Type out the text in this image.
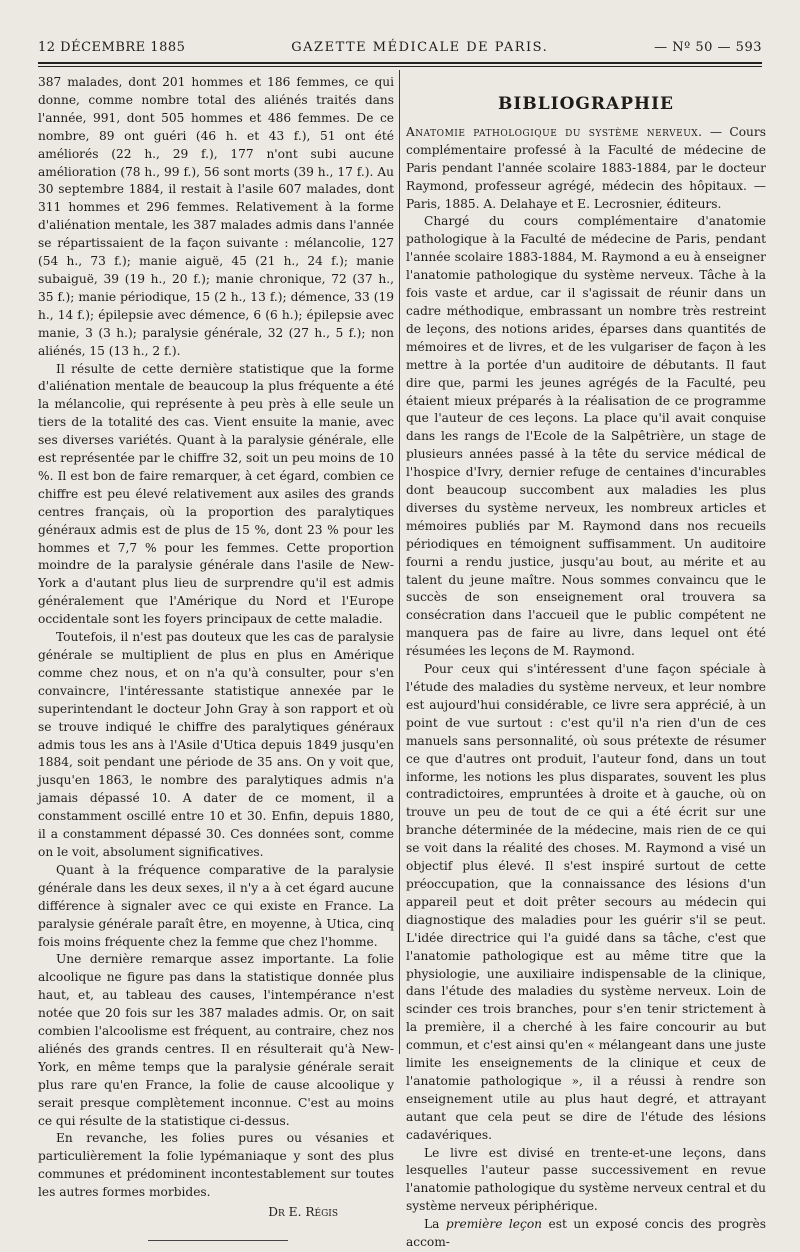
12 DÉCEMBRE 1885	GAZETTE MÉDICALE DE PARIS.	— Nº 50 — 593

387 malades, dont 201 hommes et 186 femmes, ce qui donne, comme nombre total des aliénés traités dans l'année, 991, dont 505 hommes et 486 femmes. De ce nombre, 89 ont guéri (46 h. et 43 f.), 51 ont été améliorés (22 h., 29 f.), 177 n'ont subi aucune amélioration (78 h., 99 f.), 56 sont morts (39 h., 17 f.). Au 30 septembre 1884, il restait à l'asile 607 malades, dont 311 hommes et 296 femmes. Relativement à la forme d'aliénation mentale, les 387 malades admis dans l'année se répartissaient de la façon suivante : mélancolie, 127 (54 h., 73 f.); manie aiguë, 45 (21 h., 24 f.); manie subaiguë, 39 (19 h., 20 f.); manie chronique, 72 (37 h., 35 f.); manie périodique, 15 (2 h., 13 f.); démence, 33 (19 h., 14 f.); épilepsie avec démence, 6 (6 h.); épilepsie avec manie, 3 (3 h.); paralysie générale, 32 (27 h., 5 f.); non aliénés, 15 (13 h., 2 f.).

Il résulte de cette dernière statistique que la forme d'aliénation mentale de beaucoup la plus fréquente a été la mélancolie, qui représente à peu près à elle seule un tiers de la totalité des cas. Vient ensuite la manie, avec ses diverses variétés. Quant à la paralysie générale, elle est représentée par le chiffre 32, soit un peu moins de 10 %. Il est bon de faire remarquer, à cet égard, combien ce chiffre est peu élevé relativement aux asiles des grands centres français, où la proportion des paralytiques généraux admis est de plus de 15 %, dont 23 % pour les hommes et 7,7 % pour les femmes. Cette proportion moindre de la paralysie générale dans l'asile de New-York a d'autant plus lieu de surprendre qu'il est admis généralement que l'Amérique du Nord et l'Europe occidentale sont les foyers principaux de cette maladie.

Toutefois, il n'est pas douteux que les cas de paralysie générale se multiplient de plus en plus en Amérique comme chez nous, et on n'a qu'à consulter, pour s'en convaincre, l'intéressante statistique annexée par le superintendant le docteur John Gray à son rapport et où se trouve indiqué le chiffre des paralytiques généraux admis tous les ans à l'Asile d'Utica depuis 1849 jusqu'en 1884, soit pendant une période de 35 ans. On y voit que, jusqu'en 1863, le nombre des paralytiques admis n'a jamais dépassé 10. A dater de ce moment, il a constamment oscillé entre 10 et 30. Enfin, depuis 1880, il a constamment dépassé 30. Ces données sont, comme on le voit, absolument significatives.

Quant à la fréquence comparative de la paralysie générale dans les deux sexes, il n'y a à cet égard aucune différence à signaler avec ce qui existe en France. La paralysie générale paraît être, en moyenne, à Utica, cinq fois moins fréquente chez la femme que chez l'homme.

Une dernière remarque assez importante. La folie alcoolique ne figure pas dans la statistique donnée plus haut, et, au tableau des causes, l'intempérance n'est notée que 20 fois sur les 387 malades admis. Or, on sait combien l'alcoolisme est fréquent, au contraire, chez nos aliénés des grands centres. Il en résulterait qu'à New-York, en même temps que la paralysie générale serait plus rare qu'en France, la folie de cause alcoolique y serait presque complètement inconnue. C'est au moins ce qui résulte de la statistique ci-dessus.

En revanche, les folies pures ou vésanies et particulièrement la folie lypémaniaque y sont des plus communes et prédominent incontestablement sur toutes les autres formes morbides.

Dr E. Régis
BIBLIOGRAPHIE

Anatomie pathologique du système nerveux. — Cours complémentaire professé à la Faculté de médecine de Paris pendant l'année scolaire 1883-1884, par le docteur Raymond, professeur agrégé, médecin des hôpitaux. — Paris, 1885. A. Delahaye et E. Lecrosnier, éditeurs.

Chargé du cours complémentaire d'anatomie pathologique à la Faculté de médecine de Paris, pendant l'année scolaire 1883-1884, M. Raymond a eu à enseigner l'anatomie pathologique du système nerveux. Tâche à la fois vaste et ardue, car il s'agissait de réunir dans un cadre méthodique, embrassant un nombre très restreint de leçons, des notions arides, éparses dans quantités de mémoires et de livres, et de les vulgariser de façon à les mettre à la portée d'un auditoire de débutants. Il faut dire que, parmi les jeunes agrégés de la Faculté, peu étaient mieux préparés à la réalisation de ce programme que l'auteur de ces leçons. La place qu'il avait conquise dans les rangs de l'Ecole de la Salpêtrière, un stage de plusieurs années passé à la tête du service médical de l'hospice d'Ivry, dernier refuge de centaines d'incurables dont beaucoup succombent aux maladies les plus diverses du système nerveux, les nombreux articles et mémoires publiés par M. Raymond dans nos recueils périodiques en témoignent suffisamment. Un auditoire fourni a rendu justice, jusqu'au bout, au mérite et au talent du jeune maître. Nous sommes convaincu que le succès de son enseignement oral trouvera sa consécration dans l'accueil que le public compétent ne manquera pas de faire au livre, dans lequel ont été résumées les leçons de M. Raymond.

Pour ceux qui s'intéressent d'une façon spéciale à l'étude des maladies du système nerveux, et leur nombre est aujourd'hui considérable, ce livre sera apprécié, à un point de vue surtout : c'est qu'il n'a rien d'un de ces manuels sans personnalité, où sous prétexte de résumer ce que d'autres ont produit, l'auteur fond, dans un tout informe, les notions les plus disparates, souvent les plus contradictoires, empruntées à droite et à gauche, où on trouve un peu de tout de ce qui a été écrit sur une branche déterminée de la médecine, mais rien de ce qui se voit dans la réalité des choses. M. Raymond a visé un objectif plus élevé. Il s'est inspiré surtout de cette préoccupation, que la connaissance des lésions d'un appareil peut et doit prêter secours au médecin qui diagnostique des maladies pour les guérir s'il se peut. L'idée directrice qui l'a guidé dans sa tâche, c'est que l'anatomie pathologique est au même titre que la physiologie, une auxiliaire indispensable de la clinique, dans l'étude des maladies du système nerveux. Loin de scinder ces trois branches, pour s'en tenir strictement à la première, il a cherché à les faire concourir au but commun, et c'est ainsi qu'en « mélangeant dans une juste limite les enseignements de la clinique et ceux de l'anatomie pathologique », il a réussi à rendre son enseignement utile au plus haut degré, et attrayant autant que cela peut se dire de l'étude des lésions cadavériques.

Le livre est divisé en trente-et-une leçons, dans lesquelles l'auteur passe successivement en revue l'anatomie pathologique du système nerveux central et du système nerveux périphérique.

La première leçon est un exposé concis des progrès accom-
